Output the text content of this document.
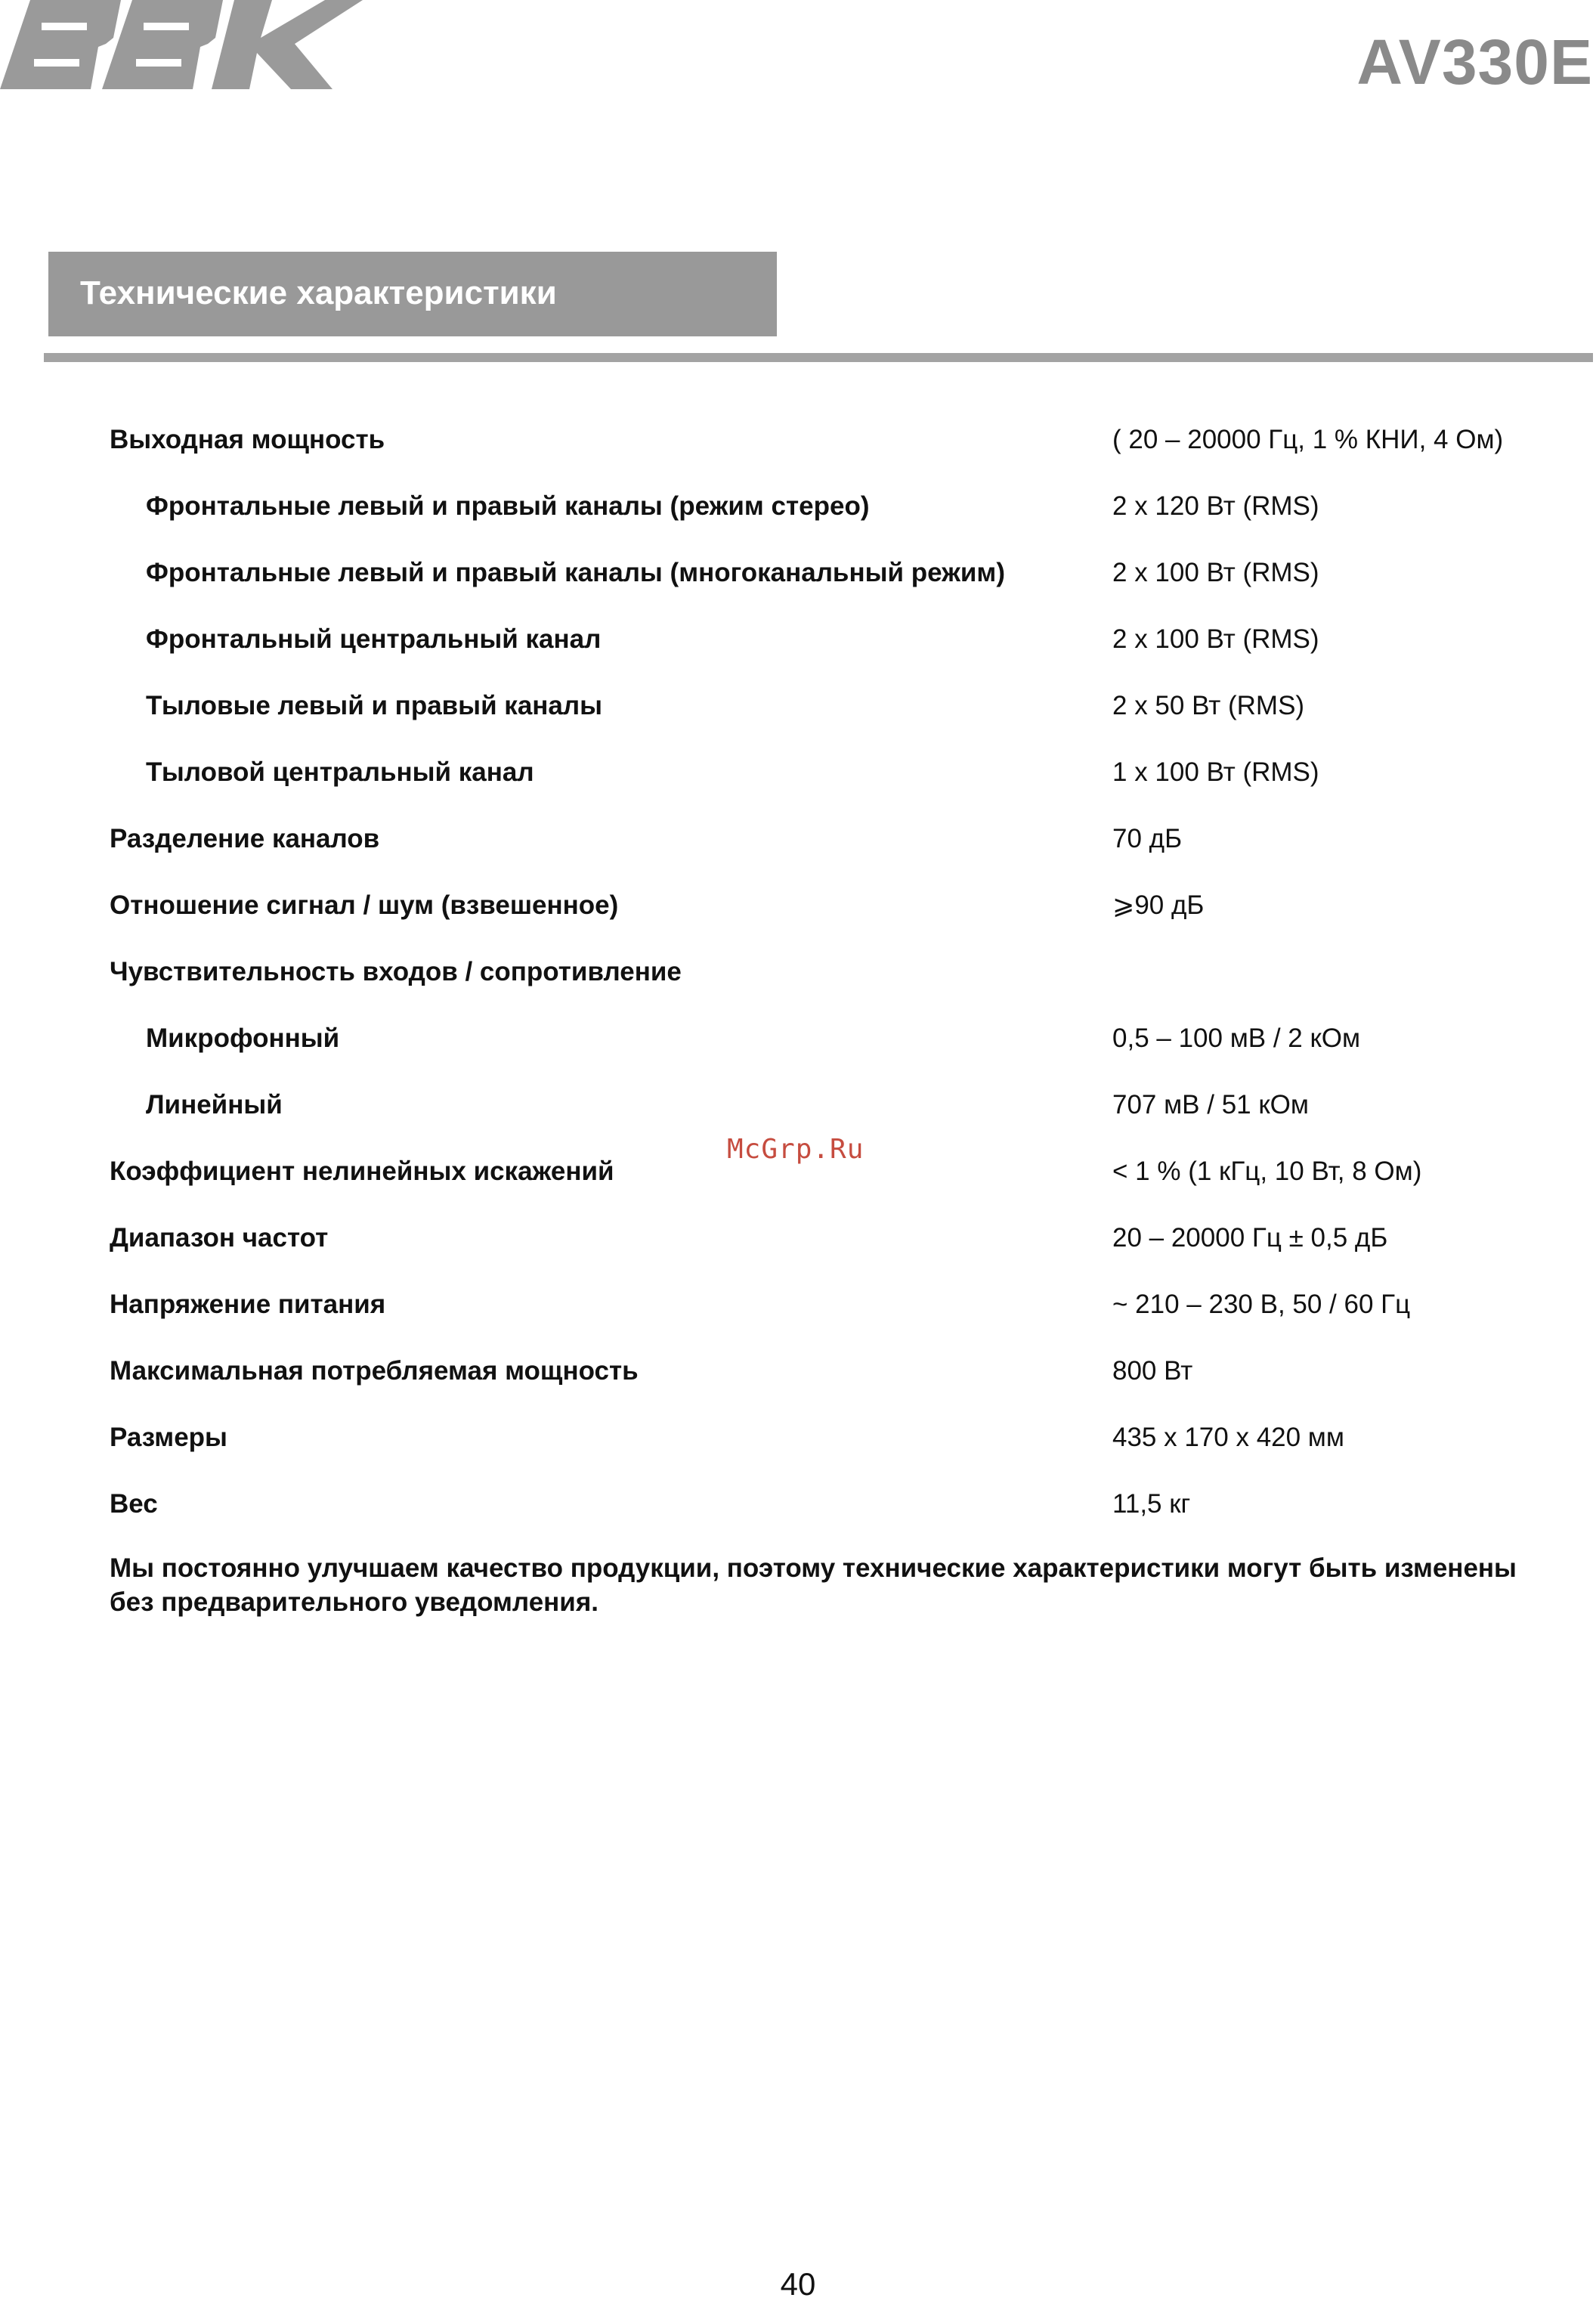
AV330E
Технические характеристики
Выходная мощность	( 20 – 20000 Гц, 1 % КНИ, 4 Ом)
Фронтальные левый и правый каналы (режим стерео)	2 x 120 Вт (RMS)
Фронтальные левый и правый каналы (многоканальный режим)	2 x 100 Вт (RMS)
Фронтальный центральный канал	2 x 100 Вт (RMS)
Тыловые левый и правый каналы	2 x 50 Вт (RMS)
Тыловой центральный канал	1 x 100 Вт (RMS)
Разделение каналов	70 дБ
Отношение сигнал / шум (взвешенное)	⩾90 дБ
Чувствительность входов / сопротивление
Микрофонный	0,5 – 100 мВ / 2 кОм
Линейный	707 мВ / 51 кОм
Коэффициент нелинейных искажений	< 1 % (1 кГц, 10 Вт, 8 Ом)
Диапазон частот	20 – 20000 Гц ± 0,5 дБ
Напряжение питания	~ 210 – 230 В, 50 / 60 Гц
Максимальная потребляемая мощность	800 Вт
Размеры	435 x 170 x 420 мм
Вес	11,5 кг
Мы постоянно улучшаем качество продукции, поэтому технические характеристики могут быть изменены без предварительного уведомления.
McGrp.Ru
40
